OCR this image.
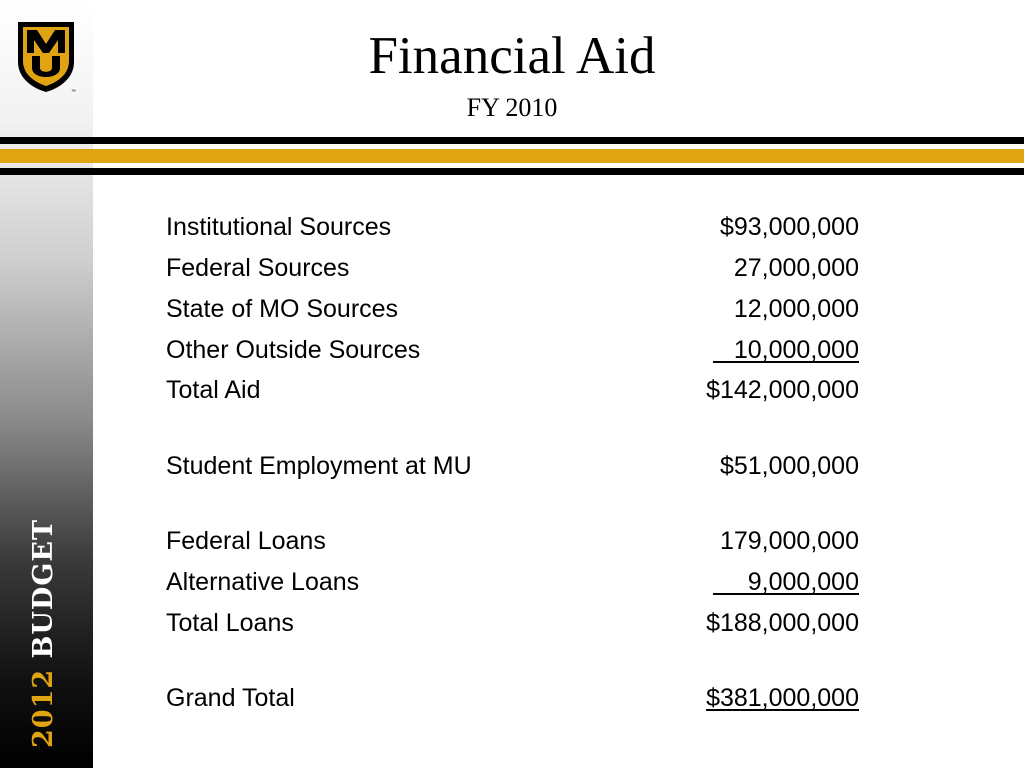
™
2012 BUDGET
Financial Aid
FY 2010
Institutional Sources	$93,000,000
Federal Sources	27,000,000
State of MO Sources	12,000,000
Other Outside Sources	10,000,000
Total Aid	$142,000,000
Student Employment at MU	$51,000,000
Federal Loans	179,000,000
Alternative Loans	9,000,000
Total Loans	$188,000,000
Grand Total	$381,000,000
